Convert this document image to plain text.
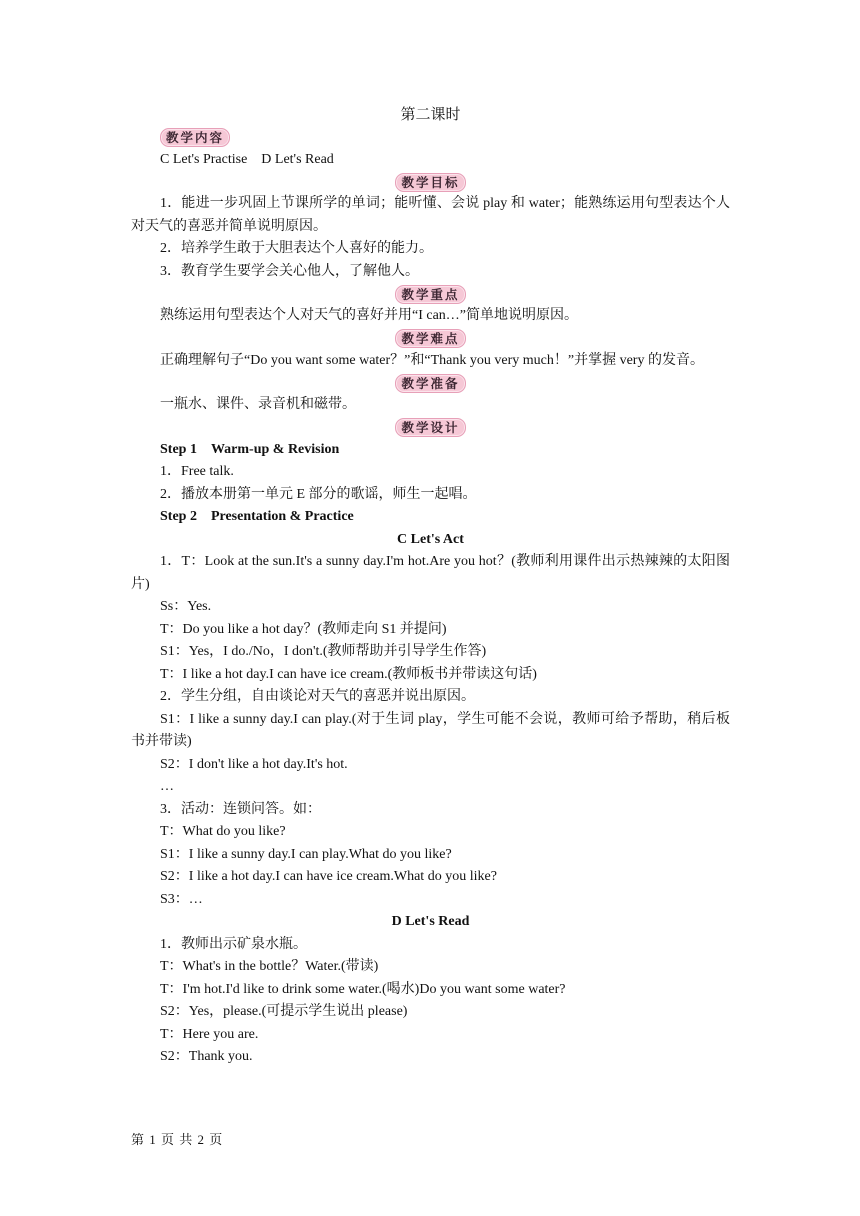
第二课时
教学内容
C Let's Practise　D Let's Read
教学目标
1．能进一步巩固上节课所学的单词；能听懂、会说 play 和 water；能熟练运用句型表达个人对天气的喜恶并简单说明原因。
2．培养学生敢于大胆表达个人喜好的能力。
3．教育学生要学会关心他人，了解他人。
教学重点
熟练运用句型表达个人对天气的喜好并用“I can…”简单地说明原因。
教学难点
正确理解句子“Do you want some water？”和“Thank you very much！”并掌握 very 的发音。
教学准备
一瓶水、课件、录音机和磁带。
教学设计
Step 1　Warm-up & Revision
1．Free talk.
2．播放本册第一单元 E 部分的歌谣，师生一起唱。
Step 2　Presentation & Practice
C Let's Act
1．T：Look at the sun.It's a sunny day.I'm hot.Are you hot？(教师利用课件出示热辣辣的太阳图片)
Ss：Yes.
T：Do you like a hot day？(教师走向 S1 并提问)
S1：Yes，I do./No，I don't.(教师帮助并引导学生作答)
T：I like a hot day.I can have ice cream.(教师板书并带读这句话)
2．学生分组，自由谈论对天气的喜恶并说出原因。
S1：I like a sunny day.I can play.(对于生词 play，学生可能不会说，教师可给予帮助，稍后板书并带读)
S2：I don't like a hot day.It's hot.
…
3．活动：连锁问答。如：
T：What do you like?
S1：I like a sunny day.I can play.What do you like?
S2：I like a hot day.I can have ice cream.What do you like?
S3：…
D Let's Read
1．教师出示矿泉水瓶。
T：What's in the bottle？Water.(带读)
T：I'm hot.I'd like to drink some water.(喝水)Do you want some water?
S2：Yes，please.(可提示学生说出 please)
T：Here you are.
S2：Thank you.
第 1 页 共 2 页
